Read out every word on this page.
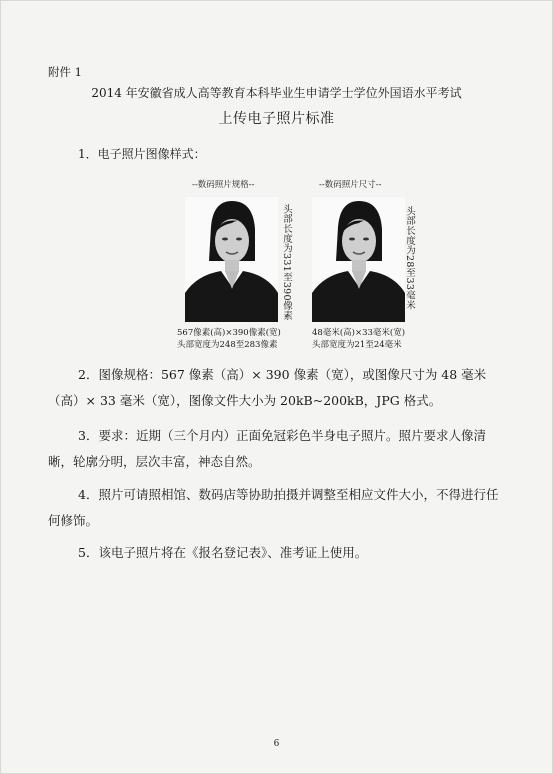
附件 1
2014 年安徽省成人高等教育本科毕业生申请学士学位外国语水平考试
上传电子照片标准
1．电子照片图像样式：
--数码照片规格--	--数码照片尺寸--
头部长度为331至390像素	头部长度为28至33毫米
567像素(高)×390像素(宽)
头部宽度为248至283像素
48毫米(高)×33毫米(宽)
头部宽度为21至24毫米
2．图像规格：567 像素（高）× 390 像素（宽），或图像尺寸为 48 毫米（高）× 33 毫米（宽），图像文件大小为 20kB~200kB，JPG 格式。
3．要求：近期（三个月内）正面免冠彩色半身电子照片。照片要求人像清晰，轮廓分明，层次丰富，神态自然。
4．照片可请照相馆、数码店等协助拍摄并调整至相应文件大小，不得进行任何修饰。
5．该电子照片将在《报名登记表》、准考证上使用。
6
